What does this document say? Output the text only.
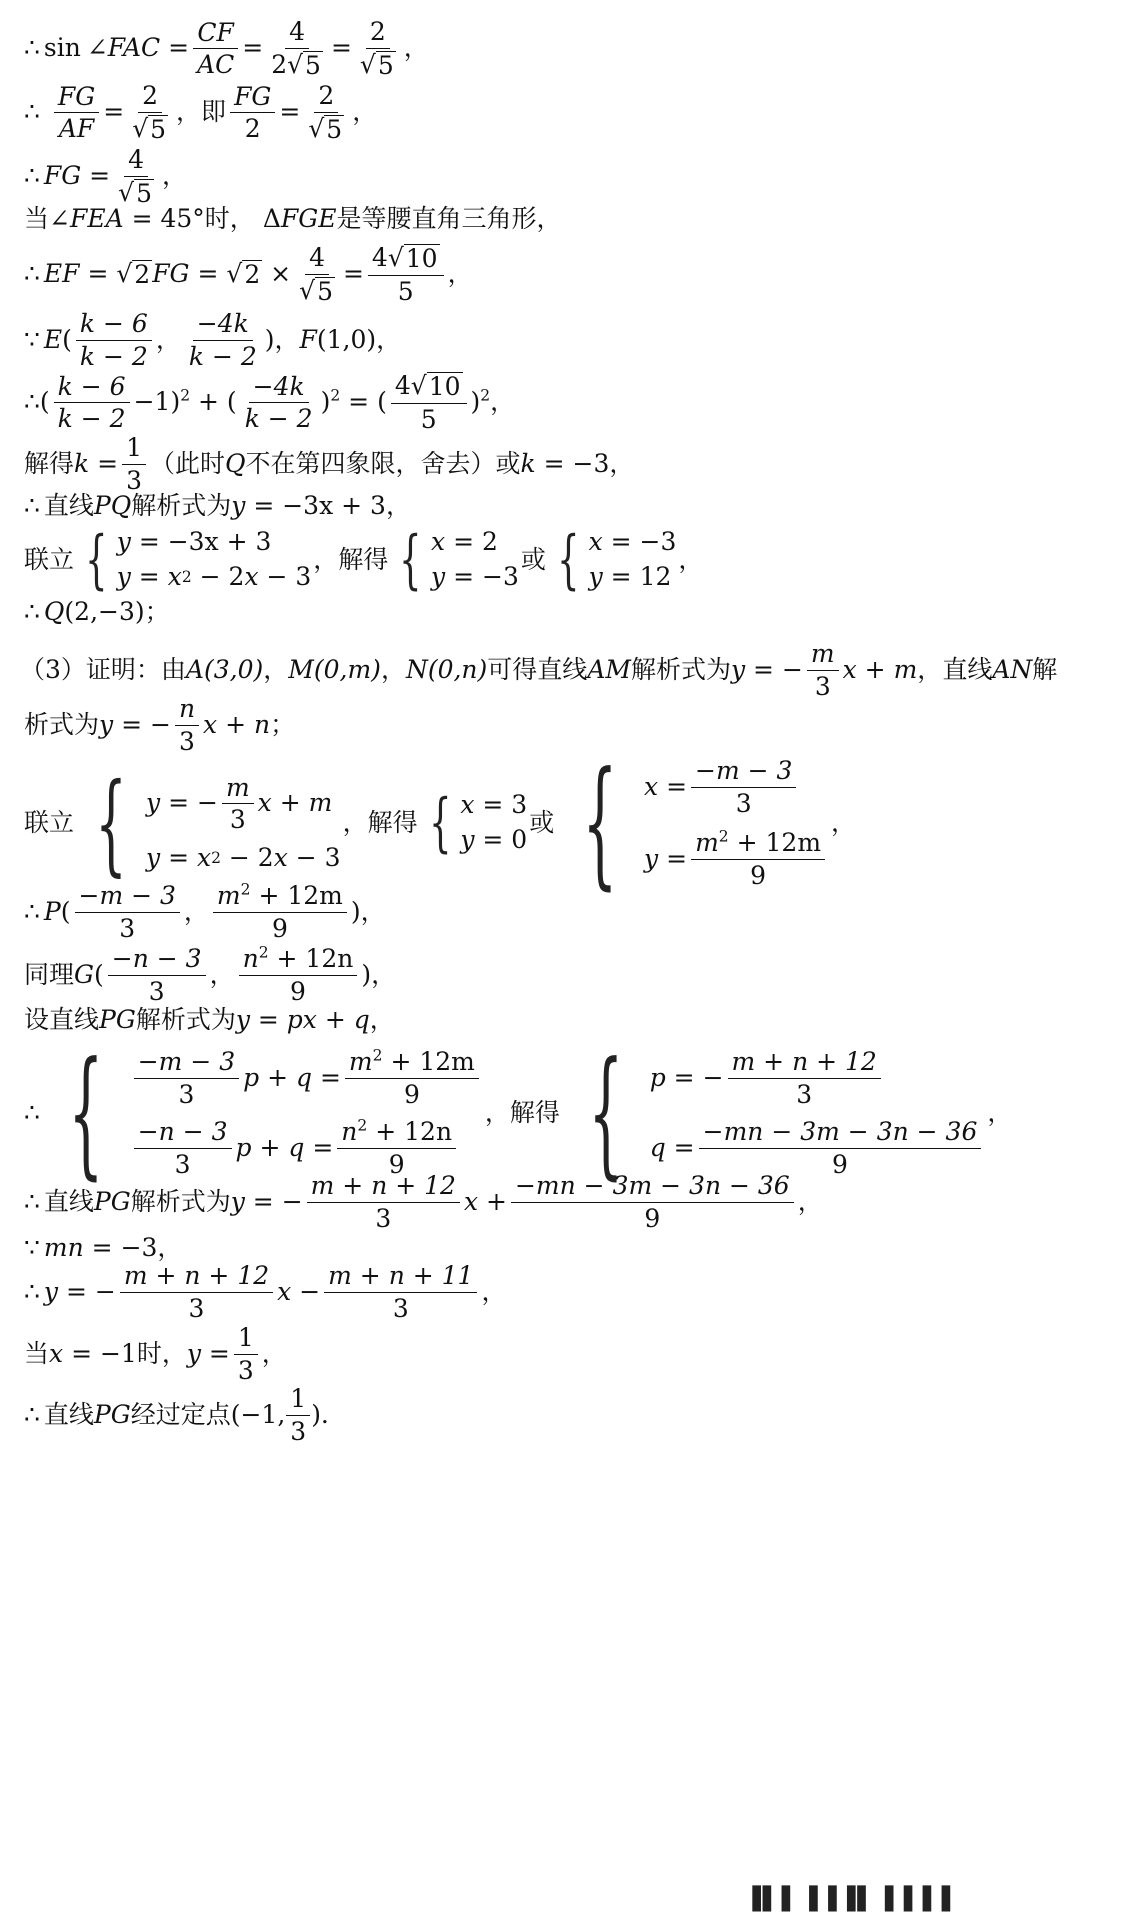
∴ sin ∠ FAC = $\frac{CF}{AC} = \frac{4}{2√ 5} = \frac{2}{√ 5}$ ，
∴ $\frac{FG}{AF} = \frac{2}{√ 5}$ ， 即 $\frac{FG}{2} = \frac{2}{√ 5}$ ，
∴ FG = $\frac{4}{√ 5}$ ，
当 ∠ FEA = 45° 时 ， Δ FGE 是等腰直角三角形 ，
∴ EF = √ 2 FG = √ 2
× $\frac{4}{√ 5} = \frac{4√ 10}{5}$ ，
∵ E ( $\frac{k - 6}{k - 2}$ ， $\frac{-4k}{k - 2}$ ) ， F (1,0) ，
∴ ( $\frac{k - 6}{k - 2} - 1$ )$^2$ + ( $\frac{-4k}{k - 2} )^2$ = ( $\frac{4√ 10}{5} )^2$ ，
解得 $k = \frac{1}{3}$ （此时 Q 不在第四象限，舍去）或 k
= −3 ，
∴ 直线 PQ 解析式为 y
= −3x + 3 ，
联立 { y
= −3x + 3
y = x 2 − 2 x − 3
， 解得 { x = 2
y = −3
或 { x = −3
y = 12
，
∴ Q (2,−3) ；
（3）证明：由 A(3,0) ， M(0,m) ， N(0,n) 可得直线 AM 解析式为 y = − $\frac{m}{3}$ x + m ， 直线 AN 解
析式为 y = − $\frac{n}{3}$ x + n ；
联立 { y = − $\frac{m}{3}$ x + m
y = x 2 − 2 x − 3
， 解得 { x = 3
y = 0
或 { $x = \frac{-m - 3}{3}$
$y = \frac{m^2 + 12m}{9}$
，
∴ P ( $\frac{-m - 3}{3}$ ， $\frac{m^2 + 12m}{9}$ ) ，
同理 G ( $\frac{-n - 3}{3}$ ， $\frac{n^2 + 12n}{9}$ ) ，
设直线 PG 解析式为 y
= px + q ，
∴ { $\frac{-m - 3}{3}$ $p + q = \frac{m^2 + 12m}{9}$
$\frac{-n - 3}{3}$ $p + q = \frac{n^2 + 12n}{9}$
， 解得 { p = − $\frac{m + n + 12}{3}$
$q = \frac{-mn - 3m - 3n - 36}{9}$
，
∴ 直线 PG 解析式为 y = − $\frac{m + n + 12}{3}$ $x + \frac{-mn - 3m - 3n - 36}{9}$ ，
∵ mn
= −3 ，
∴ y = − $\frac{m + n + 12}{3}$ $x - \frac{m + n + 11}{3}$ ，
当 x = −1 时 ， $y = \frac{1}{3}$ ，
∴ 直线 PG 经过定点 (−1, $\frac{1}{3}$ ) ．
▐▌▌▐▐▐▌▐▐▐▐
